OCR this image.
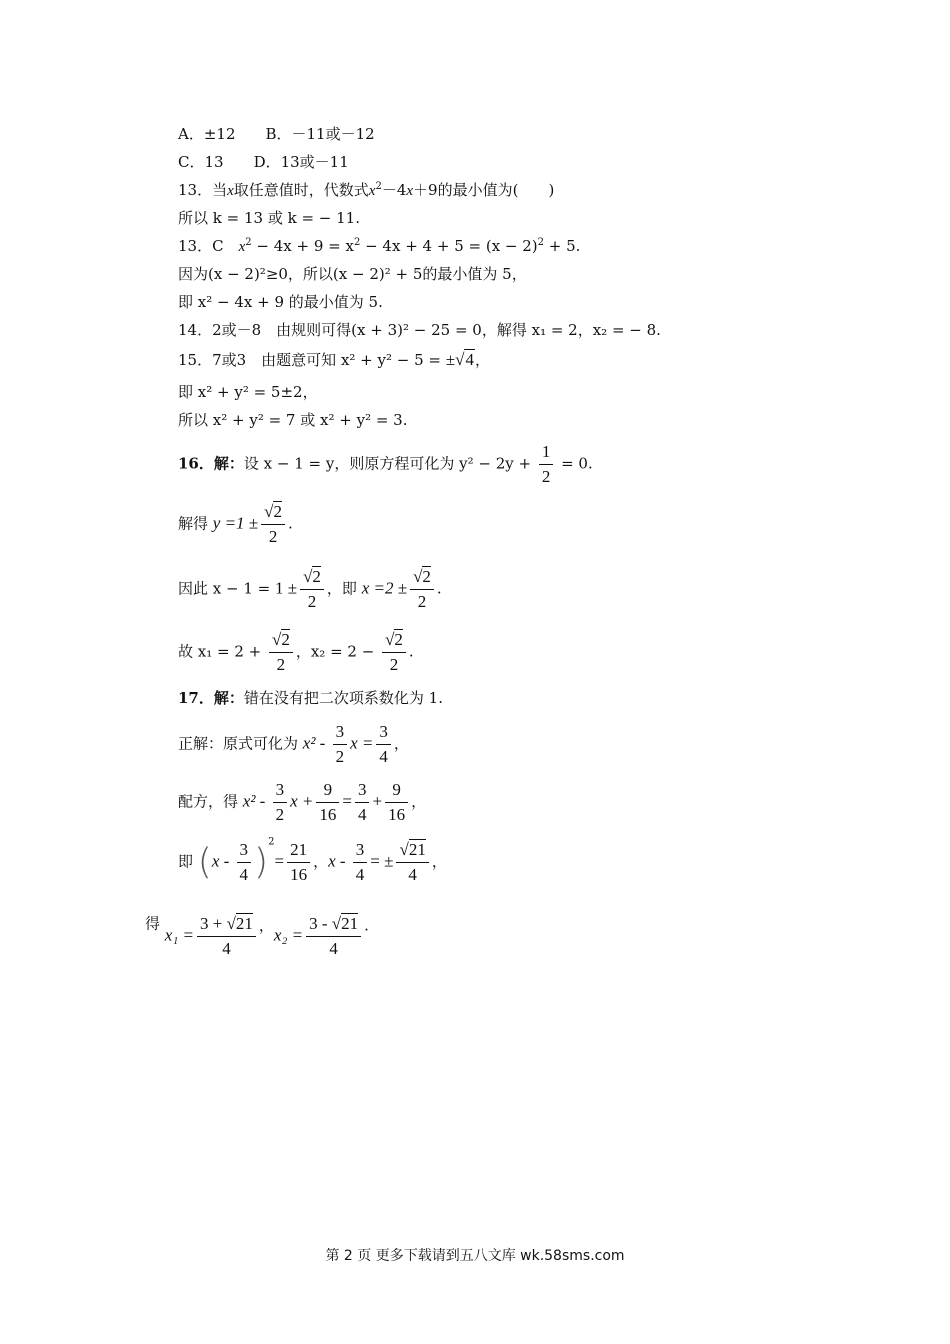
A．±12　　B．－11或－12
C．13　　D．13或－11
13．当x取任意值时，代数式$x^2-4x+9$的最小值为(　　)
所以 k = 13 或 k = − 11.
13．C　$x^2 - 4x + 9 = x^2 - 4x + 4 + 5 = (x - 2)^2 + 5$.
因为(x − 2)²≥0，所以(x − 2)² + 5的最小值为 5，
即 x² − 4x + 9 的最小值为 5.
14．2或－8　由规则可得(x + 3)² − 25 = 0，解得 x₁ = 2，x₂ = − 8.
15．7或3　由题意可知 x² + y² − 5 = ±√4，
即 x² + y² = 5±2，
所以 x² + y² = 7 或 x² + y² = 3.
16．解：设 x − 1 = y，则原方程可化为 $y^2 - 2y + \frac{1}{2} = 0$.
解得 $y =1 \pm \frac{√2}{2}$ .
因此 $x - 1 = 1 \pm \frac{√2}{2}$ ，即 $x =2 \pm \frac{√2}{2}$ .
故 $x_1 = 2 + \frac{√2}{2}$ ，$x_2 = 2 - \frac{√2}{2}$ .
17．解：错在没有把二次项系数化为 1.
正解：原式可化为 $x^2 - \frac{3}{2}$ $x = \frac{3}{4}$ ，
配方，得 $x^2 - \frac{3}{2}$ $x + \frac{9}{16} = \frac{3}{4} + \frac{9}{16}$ ，
即 $(x - \frac{3}{4} )^2= \frac{21}{16}$ ，x - $\frac{3}{4}$ = ± $\frac{√21}{4}$ ，
得 $x_1 = \frac{3 + √21}{4}$ ，$x_2 = \frac{3 - √21}{4}$ .
第 2 页 更多下载请到五八文库 wk.58sms.com
